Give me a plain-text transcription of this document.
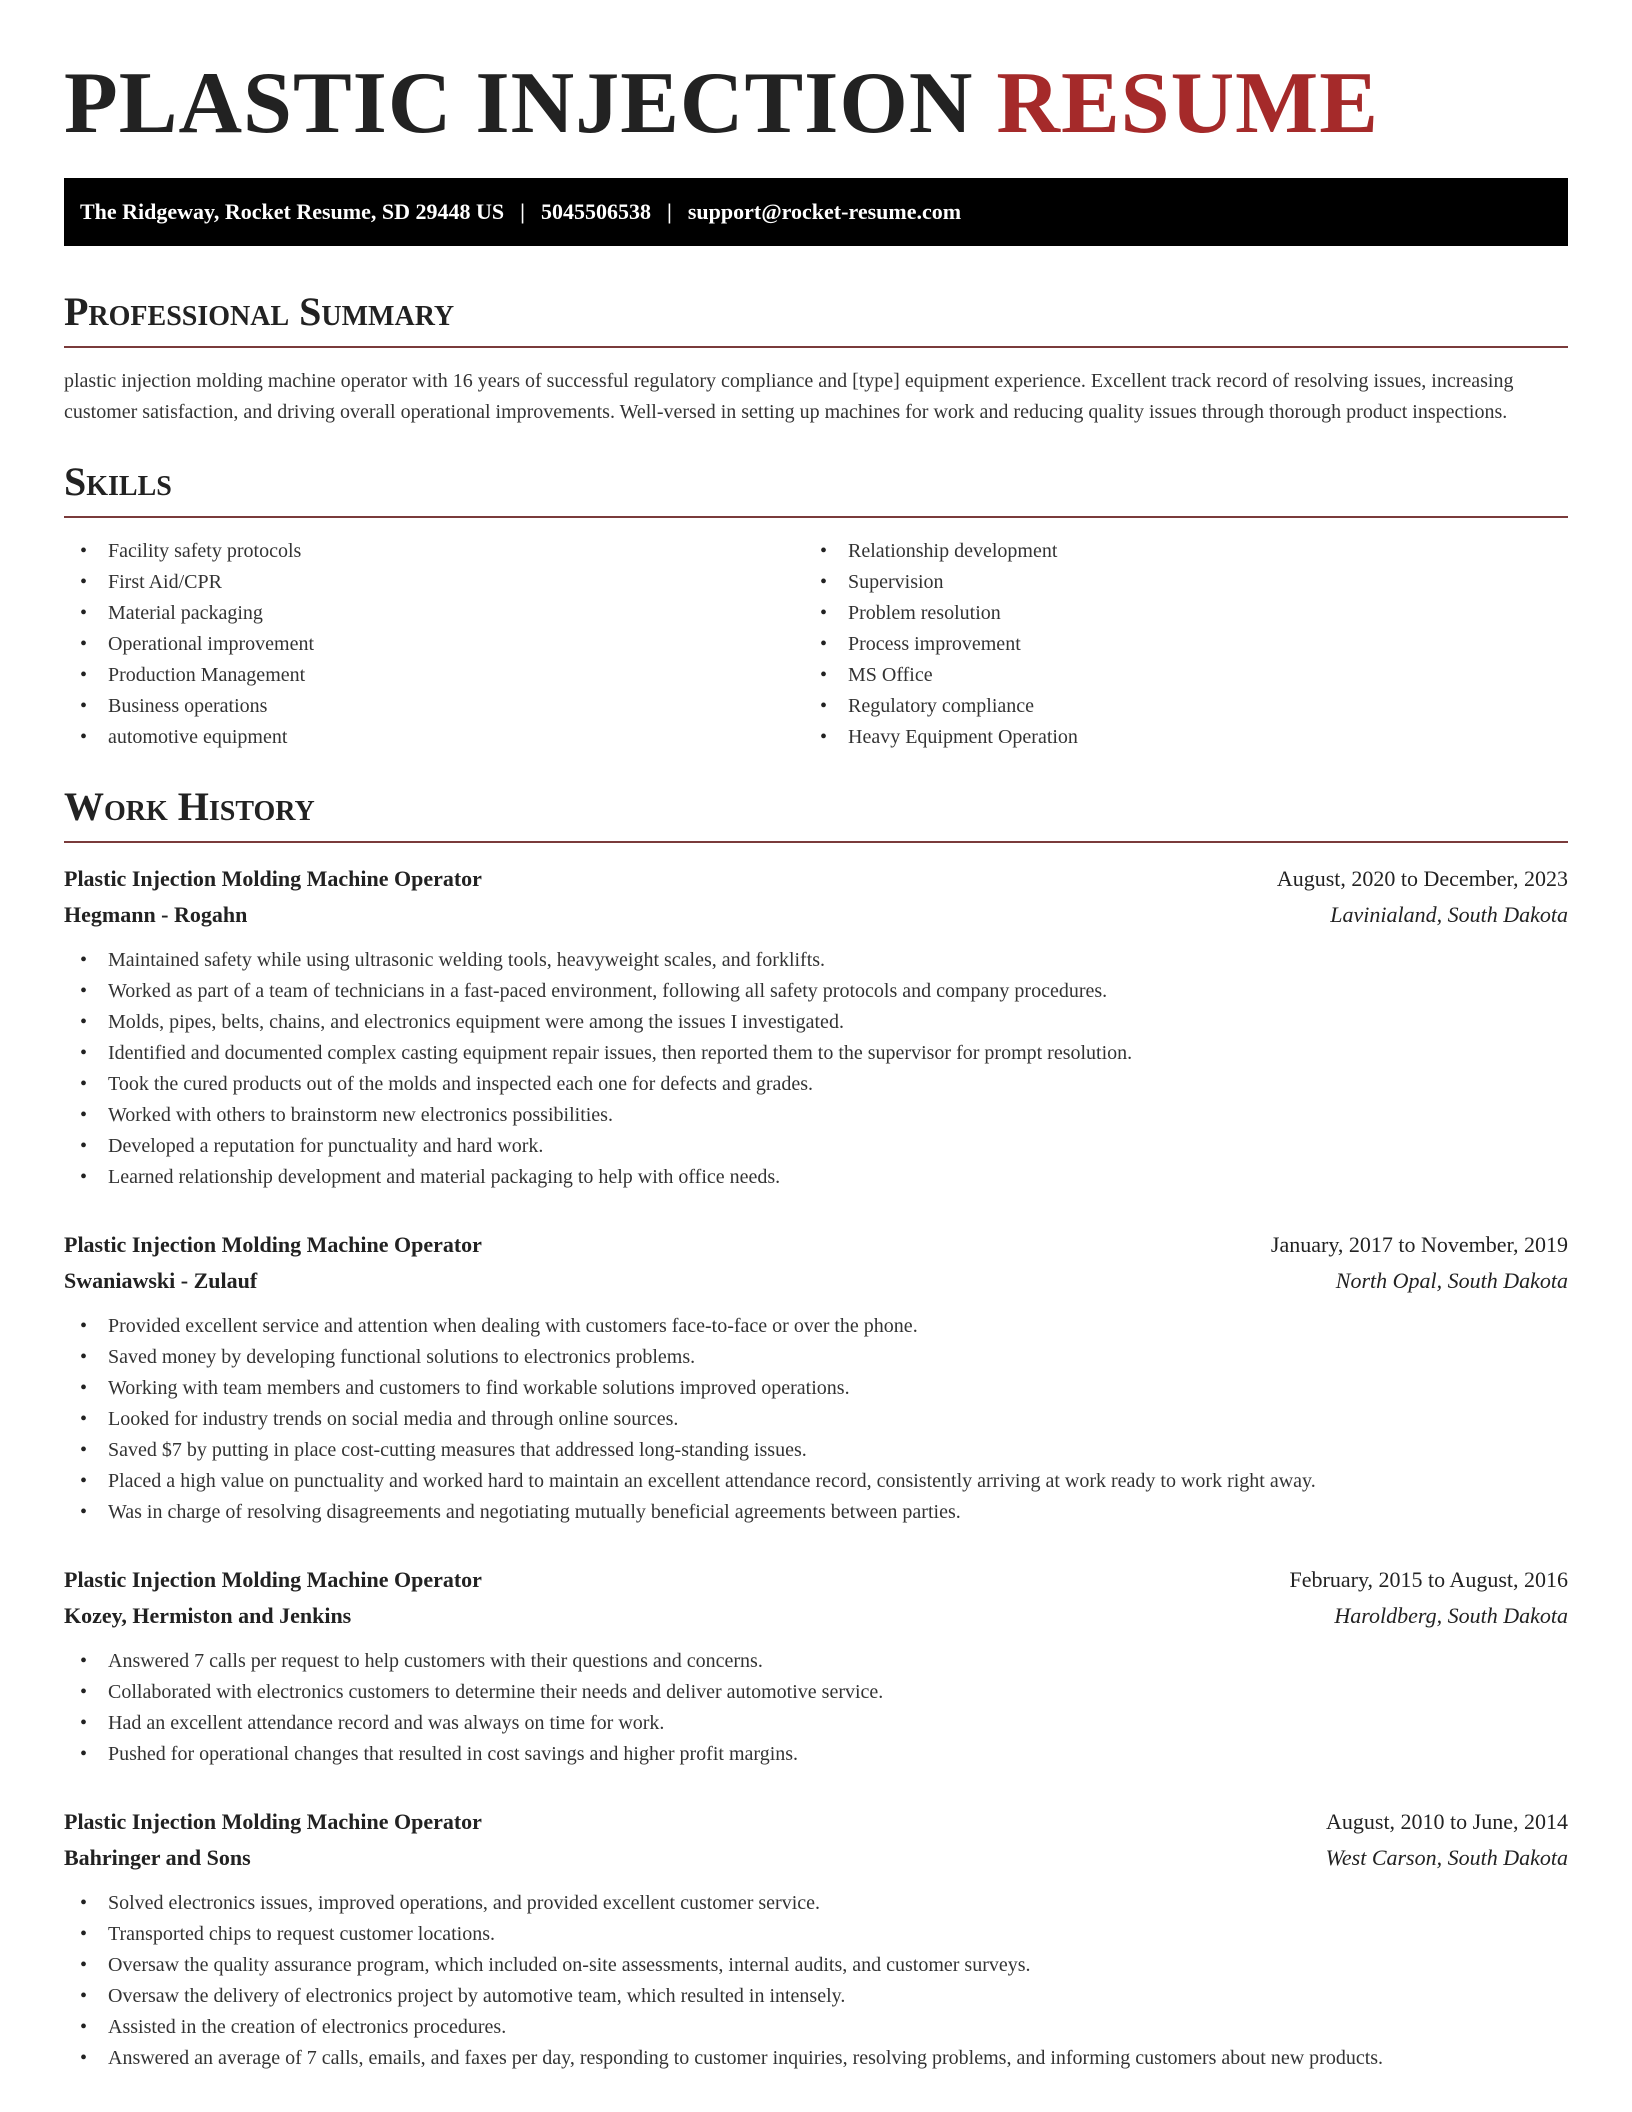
PLASTIC INJECTION RESUME
The Ridgeway, Rocket Resume, SD 29448 US | 5045506538 | support@rocket-resume.com
Professional Summary

plastic injection molding machine operator with 16 years of successful regulatory compliance and [type] equipment experience. Excellent track record of resolving issues, increasing customer satisfaction, and driving overall operational improvements. Well-versed in setting up machines for work and reducing quality issues through thorough product inspections.

Skills
• Facility safety protocols
• First Aid/CPR
• Material packaging
• Operational improvement
• Production Management
• Business operations
• automotive equipment
• Relationship development
• Supervision
• Problem resolution
• Process improvement
• MS Office
• Regulatory compliance
• Heavy Equipment Operation
Work History
Plastic Injection Molding Machine Operator	August, 2020 to December, 2023
Hegmann - Rogahn	Lavinialand, South Dakota
• Maintained safety while using ultrasonic welding tools, heavyweight scales, and forklifts.
• Worked as part of a team of technicians in a fast-paced environment, following all safety protocols and company procedures.
• Molds, pipes, belts, chains, and electronics equipment were among the issues I investigated.
• Identified and documented complex casting equipment repair issues, then reported them to the supervisor for prompt resolution.
• Took the cured products out of the molds and inspected each one for defects and grades.
• Worked with others to brainstorm new electronics possibilities.
• Developed a reputation for punctuality and hard work.
• Learned relationship development and material packaging to help with office needs.
Plastic Injection Molding Machine Operator	January, 2017 to November, 2019
Swaniawski - Zulauf	North Opal, South Dakota
• Provided excellent service and attention when dealing with customers face-to-face or over the phone.
• Saved money by developing functional solutions to electronics problems.
• Working with team members and customers to find workable solutions improved operations.
• Looked for industry trends on social media and through online sources.
• Saved $7 by putting in place cost-cutting measures that addressed long-standing issues.
• Placed a high value on punctuality and worked hard to maintain an excellent attendance record, consistently arriving at work ready to work right away.
• Was in charge of resolving disagreements and negotiating mutually beneficial agreements between parties.
Plastic Injection Molding Machine Operator	February, 2015 to August, 2016
Kozey, Hermiston and Jenkins	Haroldberg, South Dakota
• Answered 7 calls per request to help customers with their questions and concerns.
• Collaborated with electronics customers to determine their needs and deliver automotive service.
• Had an excellent attendance record and was always on time for work.
• Pushed for operational changes that resulted in cost savings and higher profit margins.
Plastic Injection Molding Machine Operator	August, 2010 to June, 2014
Bahringer and Sons	West Carson, South Dakota
• Solved electronics issues, improved operations, and provided excellent customer service.
• Transported chips to request customer locations.
• Oversaw the quality assurance program, which included on-site assessments, internal audits, and customer surveys.
• Oversaw the delivery of electronics project by automotive team, which resulted in intensely.
• Assisted in the creation of electronics procedures.
• Answered an average of 7 calls, emails, and faxes per day, responding to customer inquiries, resolving problems, and informing customers about new products.
